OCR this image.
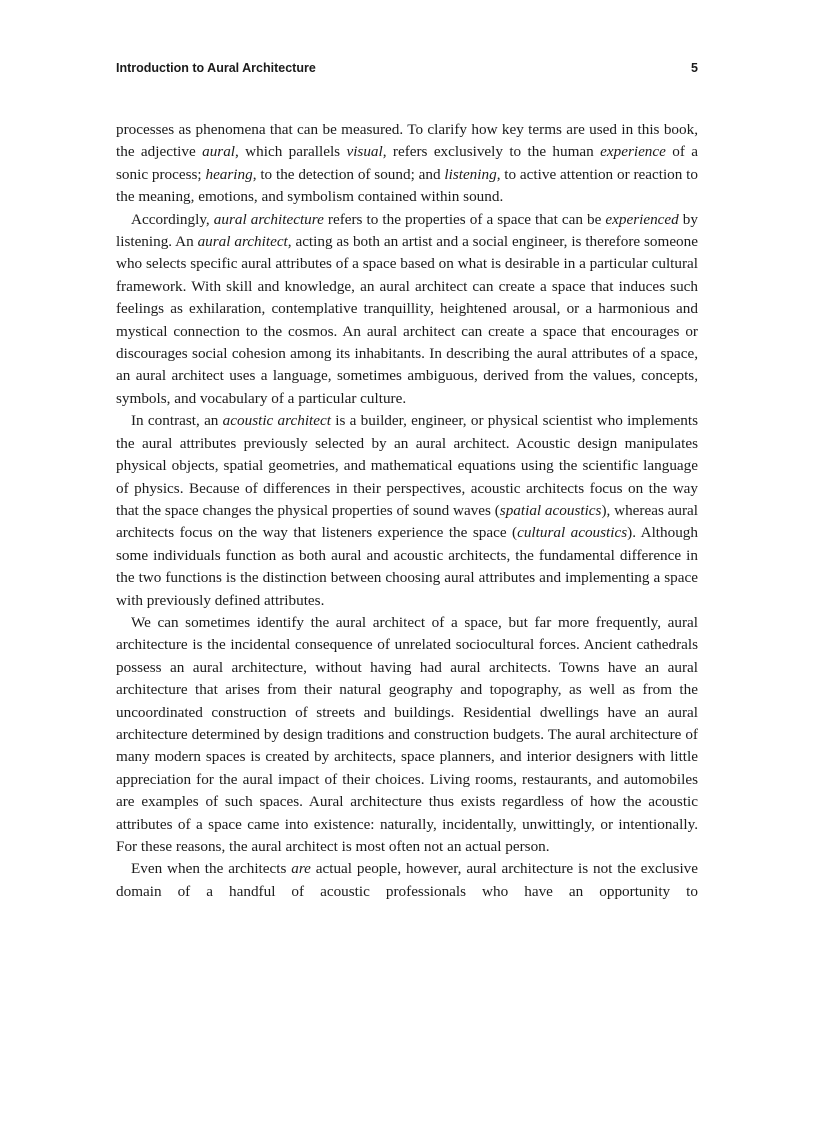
Introduction to Aural Architecture	5

processes as phenomena that can be measured. To clarify how key terms are used in this book, the adjective aural, which parallels visual, refers exclusively to the human experience of a sonic process; hearing, to the detection of sound; and listening, to active attention or reaction to the meaning, emotions, and symbolism contained within sound.

Accordingly, aural architecture refers to the properties of a space that can be experienced by listening. An aural architect, acting as both an artist and a social engineer, is therefore someone who selects specific aural attributes of a space based on what is desirable in a particular cultural framework. With skill and knowledge, an aural architect can create a space that induces such feelings as exhilaration, contemplative tranquillity, heightened arousal, or a harmonious and mystical connection to the cosmos. An aural architect can create a space that encourages or discourages social cohesion among its inhabitants. In describing the aural attributes of a space, an aural architect uses a language, sometimes ambiguous, derived from the values, concepts, symbols, and vocabulary of a particular culture.

In contrast, an acoustic architect is a builder, engineer, or physical scientist who implements the aural attributes previously selected by an aural architect. Acoustic design manipulates physical objects, spatial geometries, and mathematical equations using the scientific language of physics. Because of differences in their perspectives, acoustic architects focus on the way that the space changes the physical properties of sound waves (spatial acoustics), whereas aural architects focus on the way that listeners experience the space (cultural acoustics). Although some individuals function as both aural and acoustic architects, the fundamental difference in the two functions is the distinction between choosing aural attributes and implementing a space with previously defined attributes.

We can sometimes identify the aural architect of a space, but far more frequently, aural architecture is the incidental consequence of unrelated sociocultural forces. Ancient cathedrals possess an aural architecture, without having had aural architects. Towns have an aural architecture that arises from their natural geography and topography, as well as from the uncoordinated construction of streets and buildings. Residential dwellings have an aural architecture determined by design traditions and construction budgets. The aural architecture of many modern spaces is created by architects, space planners, and interior designers with little appreciation for the aural impact of their choices. Living rooms, restaurants, and automobiles are examples of such spaces. Aural architecture thus exists regardless of how the acoustic attributes of a space came into existence: naturally, incidentally, unwittingly, or intentionally. For these reasons, the aural architect is most often not an actual person.

Even when the architects are actual people, however, aural architecture is not the exclusive domain of a handful of acoustic professionals who have an opportunity to
